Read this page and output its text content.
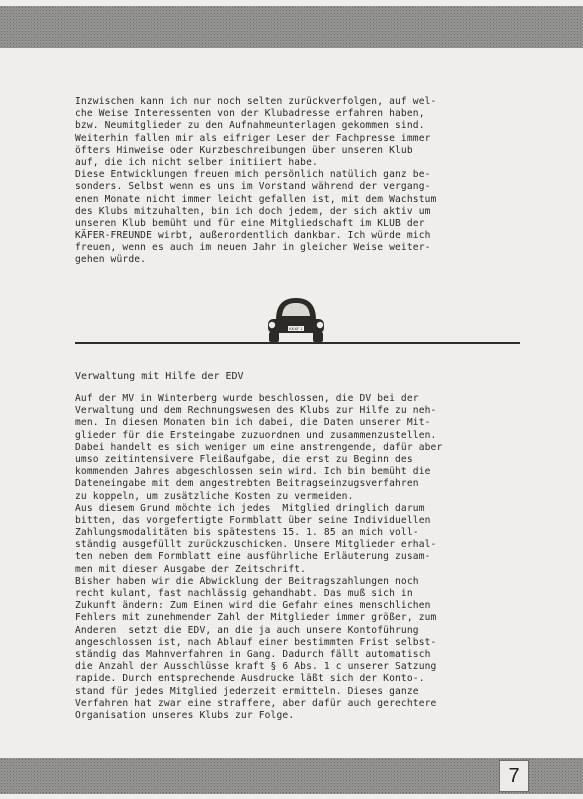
Inzwischen kann ich nur noch selten zurückverfolgen, auf wel-
che Weise Interessenten von der Klubadresse erfahren haben,
bzw. Neumitglieder zu den Aufnahmeunterlagen gekommen sind.
Weiterhin fallen mir als eifriger Leser der Fachpresse immer
öfters Hinweise oder Kurzbeschreibungen über unseren Klub
auf, die ich nicht selber initiiert habe.
Diese Entwicklungen freuen mich persönlich natülich ganz be-
sonders. Selbst wenn es uns im Vorstand während der vergang-
enen Monate nicht immer leicht gefallen ist, mit dem Wachstum
des Klubs mitzuhalten, bin ich doch jedem, der sich aktiv um
unseren Klub bemüht und für eine Mitgliedschaft im KLUB der
KÄFER-FREUNDE wirbt, außerordentlich dankbar. Ich würde mich
freuen, wenn es auch im neuen Jahr in gleicher Weise weiter-
gehen würde.
KK-KF 1
Verwaltung mit Hilfe der EDV
Auf der MV in Winterberg wurde beschlossen, die DV bei der
Verwaltung und dem Rechnungswesen des Klubs zur Hilfe zu neh-
men. In diesen Monaten bin ich dabei, die Daten unserer Mit-
glieder für die Ersteingabe zuzuordnen und zusammenzustellen.
Dabei handelt es sich weniger um eine anstrengende, dafür aber
umso zeitintensivere Fleißaufgabe, die erst zu Beginn des
kommenden Jahres abgeschlossen sein wird. Ich bin bemüht die
Dateneingabe mit dem angestrebten Beitragseinzugsverfahren
zu koppeln, um zusätzliche Kosten zu vermeiden.
Aus diesem Grund möchte ich jedes  Mitglied dringlich darum
bitten, das vorgefertigte Formblatt über seine Individuellen
Zahlungsmodalitäten bis spätestens 15. 1. 85 an mich voll-
ständig ausgefüllt zurückzuschicken. Unsere Mitglieder erhal-
ten neben dem Formblatt eine ausführliche Erläuterung zusam-
men mit dieser Ausgabe der Zeitschrift.
Bisher haben wir die Abwicklung der Beitragszahlungen noch
recht kulant, fast nachlässig gehandhabt. Das muß sich in
Zukunft ändern: Zum Einen wird die Gefahr eines menschlichen
Fehlers mit zunehmender Zahl der Mitglieder immer größer, zum
Anderen  setzt die EDV, an die ja auch unsere Kontoführung
angeschlossen ist, nach Ablauf einer bestimmten Frist selbst-
ständig das Mahnverfahren in Gang. Dadurch fällt automatisch
die Anzahl der Ausschlüsse kraft § 6 Abs. 1 c unserer Satzung
rapide. Durch entsprechende Ausdrucke läßt sich der Konto-.
stand für jedes Mitglied jederzeit ermitteln. Dieses ganze
Verfahren hat zwar eine straffere, aber dafür auch gerechtere
Organisation unseres Klubs zur Folge.
7
